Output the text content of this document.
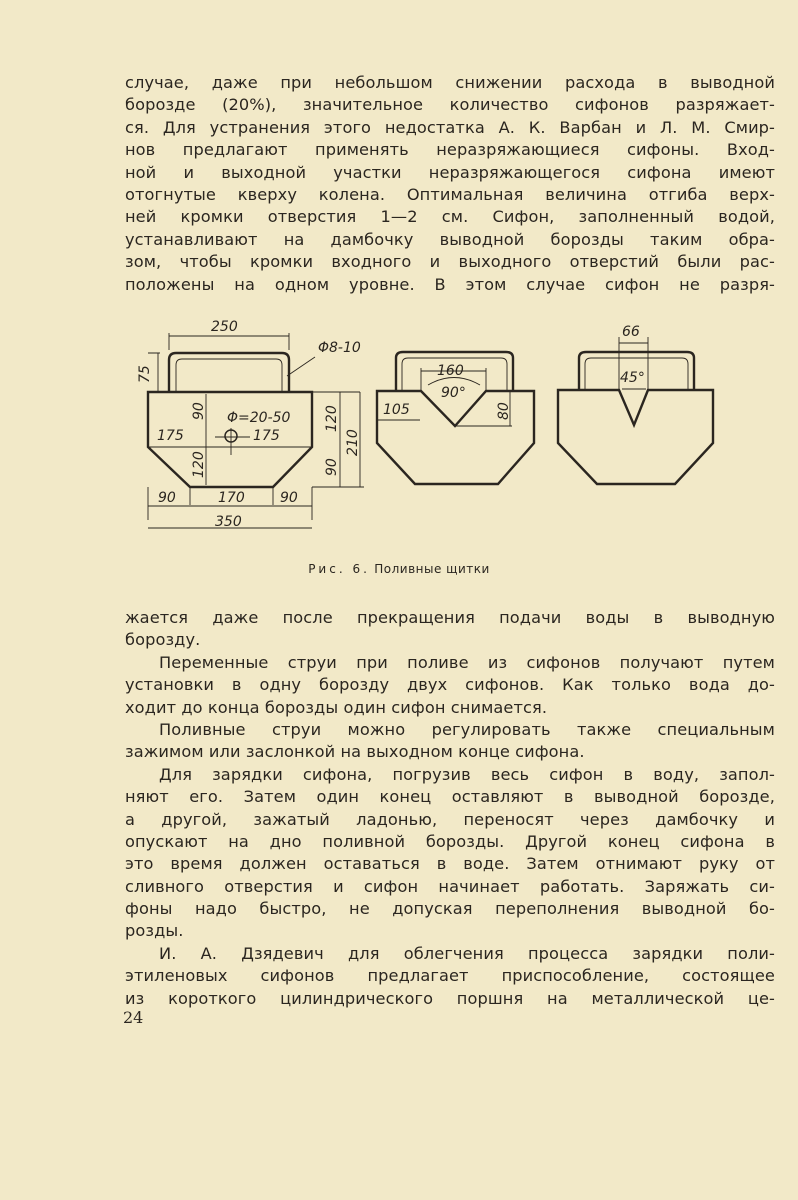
случае, даже при небольшом снижении расхода в выводной
борозде (20%), значительное количество сифонов разряжает-
ся. Для устранения этого недостатка А. К. Варбан и Л. М. Смир-
нов предлагают применять неразряжающиеся сифоны. Вход-
ной и выходной участки неразряжающегося сифона имеют
отогнутые кверху колена. Оптимальная величина отгиба верх-
ней кромки отверстия 1—2 см. Сифон, заполненный водой,
устанавливают на дамбочку выводной борозды таким обра-
зом, чтобы кромки входного и выходного отверстий были рас-
положены на одном уровне. В этом случае сифон не разря-
250
Φ8-10
75
90 Φ=20-50
175	175
120
120
90
210
90	170	90
350
160
90°
105	80
66
45°
Рис. 6. Поливные щитки
жается даже после прекращения подачи воды в выводную
борозду.
Переменные струи при поливе из сифонов получают путем
установки в одну борозду двух сифонов. Как только вода до-
ходит до конца борозды один сифон снимается.
Поливные струи можно регулировать также специальным
зажимом или заслонкой на выходном конце сифона.
Для зарядки сифона, погрузив весь сифон в воду, запол-
няют его. Затем один конец оставляют в выводной борозде,
а другой, зажатый ладонью, переносят через дамбочку и
опускают на дно поливной борозды. Другой конец сифона в
это время должен оставаться в воде. Затем отнимают руку от
сливного отверстия и сифон начинает работать. Заряжать си-
фоны надо быстро, не допуская переполнения выводной бо-
розды.
И. А. Дзядевич для облегчения процесса зарядки поли-
этиленовых сифонов предлагает приспособление, состоящее
из короткого цилиндрического поршня на металлической це-
24
